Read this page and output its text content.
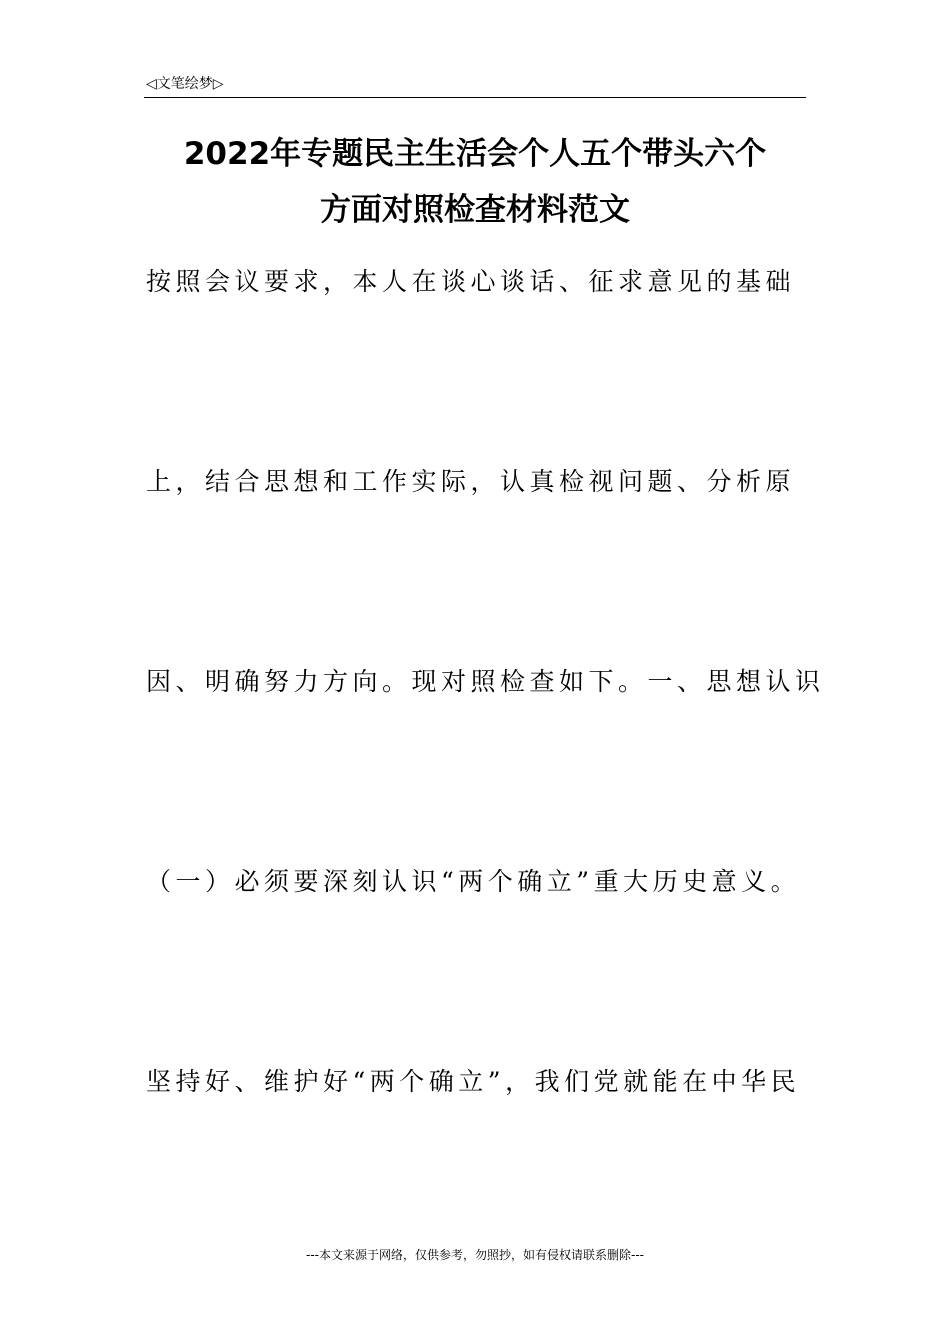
◁文笔绘梦▷
2022年专题民主生活会个人五个带头六个
方面对照检查材料范文

按照会议要求，本人在谈心谈话、征求意见的基础

上，结合思想和工作实际，认真检视问题、分析原

因、明确努力方向。现对照检查如下。一、思想认识

（一）必须要深刻认识“两个确立”重大历史意义。

坚持好、维护好“两个确立”，我们党就能在中华民

---本文来源于网络，仅供参考，勿照抄，如有侵权请联系删除---
